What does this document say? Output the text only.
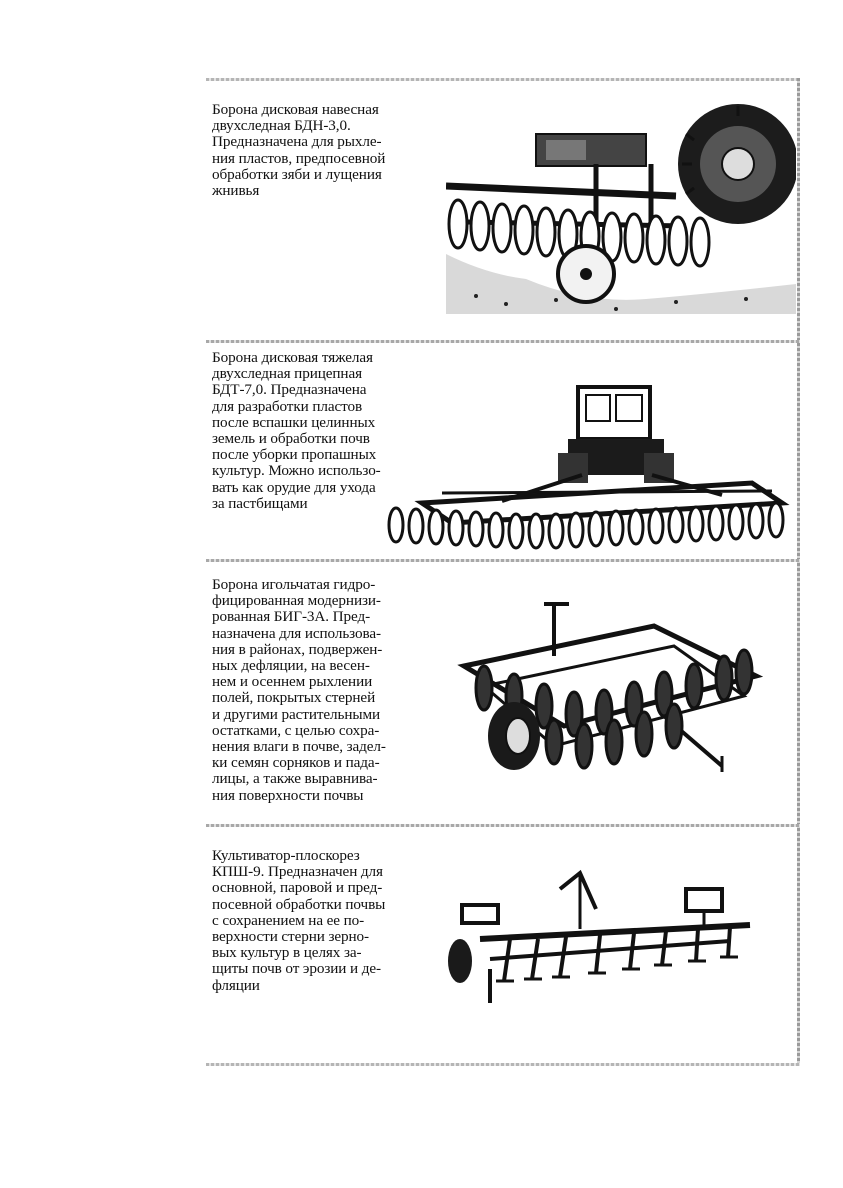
Борона дисковая навесная
двухследная БДН-3,0.
Предназначена для рыхле-
ния пластов, предпосевной
обработки зяби и лущения
жнивья

Борона дисковая тяжелая
двухследная прицепная
БДТ-7,0. Предназначена
для разработки пластов
после вспашки целинных
земель и обработки почв
после уборки пропашных
культур. Можно использо-
вать как орудие для ухода
за пастбищами

Борона игольчатая гидро-
фицированная модернизи-
рованная БИГ-3А. Пред-
назначена для использова-
ния в районах, подвержен-
ных дефляции, на весен-
нем и осеннем рыхлении
полей, покрытых стерней
и другими растительными
остатками, с целью сохра-
нения влаги в почве, задел-
ки семян сорняков и пада-
лицы, а также выравнива-
ния поверхности почвы

Культиватор-плоскорез
КПШ-9. Предназначен для
основной, паровой и пред-
посевной обработки почвы
с сохранением на ее по-
верхности стерни зерно-
вых культур в целях за-
щиты почв от эрозии и де-
фляции
